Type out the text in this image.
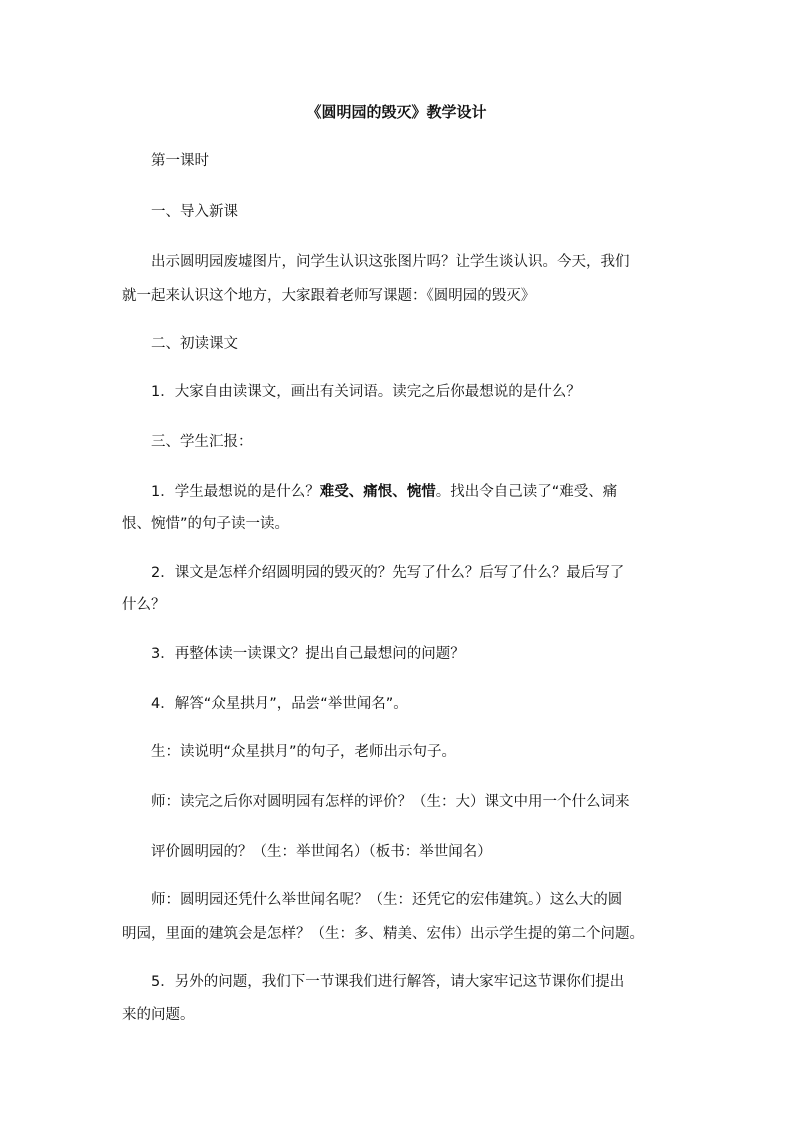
《圆明园的毁灭》教学设计
第一课时
一、导入新课
出示圆明园废墟图片，问学生认识这张图片吗？让学生谈认识。今天，我们
就一起来认识这个地方，大家跟着老师写课题：《圆明园的毁灭》
二、初读课文
1．大家自由读课文，画出有关词语。读完之后你最想说的是什么？
三、学生汇报：
1．学生最想说的是什么？难受、痛恨、惋惜。找出令自己读了“难受、痛
恨、惋惜”的句子读一读。
2．课文是怎样介绍圆明园的毁灭的？先写了什么？后写了什么？最后写了
什么？
3．再整体读一读课文？提出自己最想问的问题？
4．解答“众星拱月”，品尝“举世闻名”。
生：读说明“众星拱月”的句子，老师出示句子。
师：读完之后你对圆明园有怎样的评价？（生：大）课文中用一个什么词来
评价圆明园的？（生：举世闻名）（板书：举世闻名）
师：圆明园还凭什么举世闻名呢？（生：还凭它的宏伟建筑。）这么大的圆
明园，里面的建筑会是怎样？（生：多、精美、宏伟）出示学生提的第二个问题。
5．另外的问题，我们下一节课我们进行解答，请大家牢记这节课你们提出
来的问题。
